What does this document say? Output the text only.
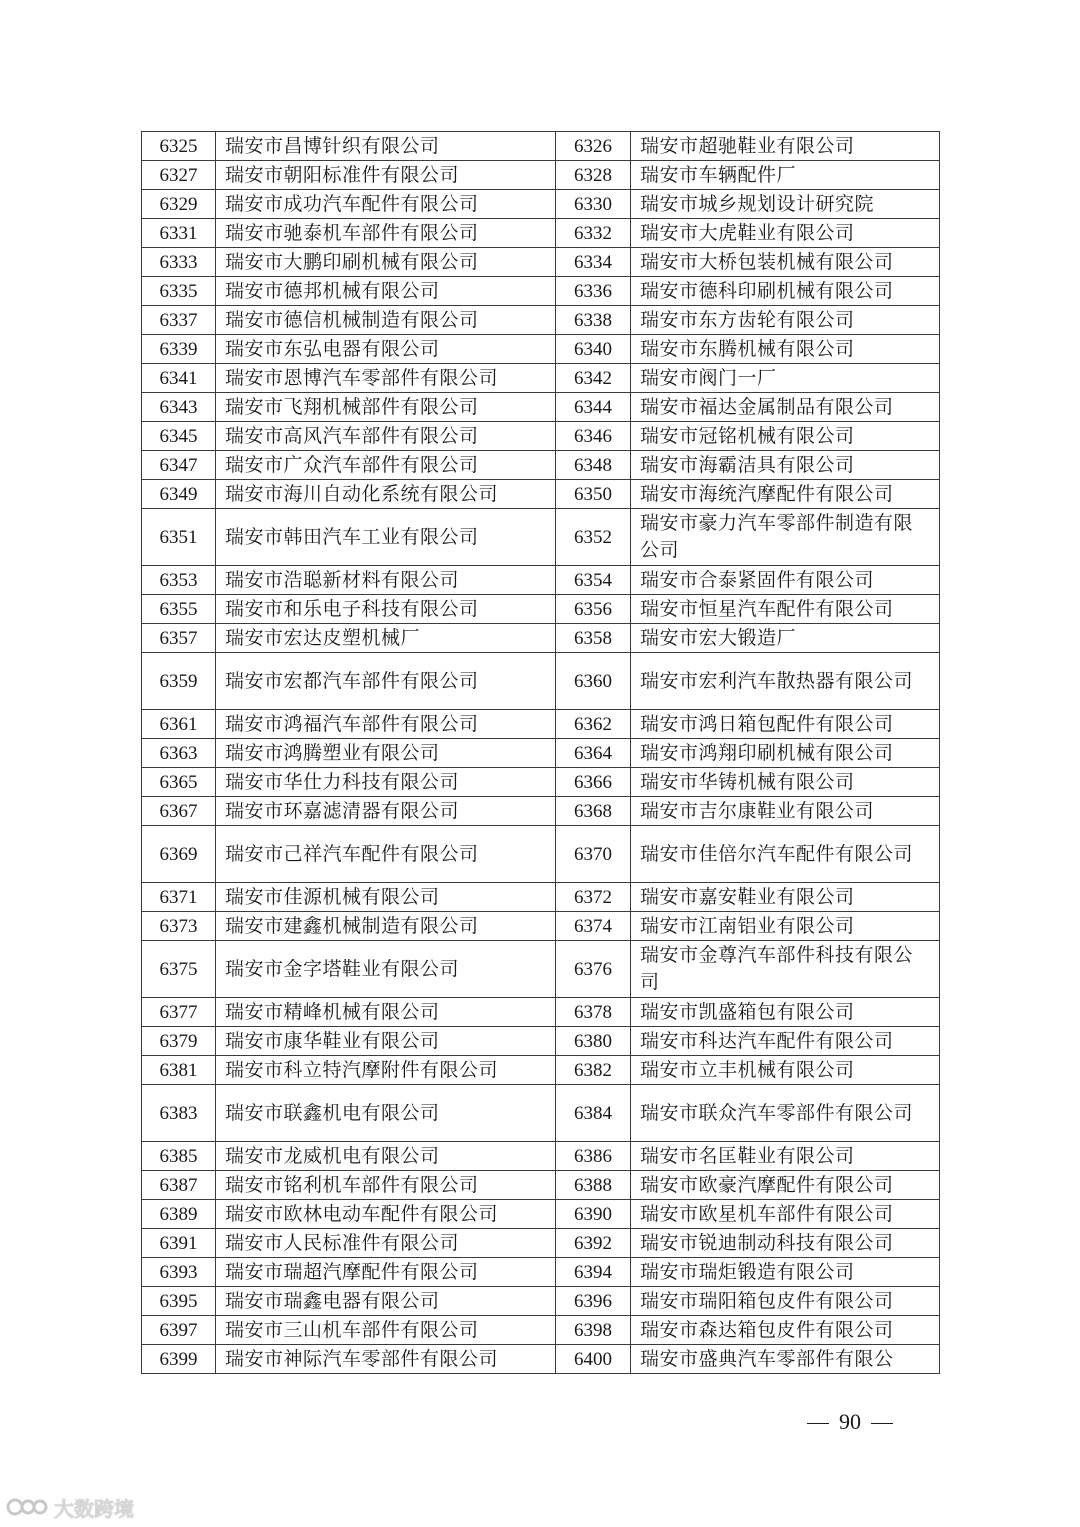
6325	瑞安市昌博针织有限公司	6326	瑞安市超驰鞋业有限公司
6327	瑞安市朝阳标准件有限公司	6328	瑞安市车辆配件厂
6329	瑞安市成功汽车配件有限公司	6330	瑞安市城乡规划设计研究院
6331	瑞安市驰泰机车部件有限公司	6332	瑞安市大虎鞋业有限公司
6333	瑞安市大鹏印刷机械有限公司	6334	瑞安市大桥包装机械有限公司
6335	瑞安市德邦机械有限公司	6336	瑞安市德科印刷机械有限公司
6337	瑞安市德信机械制造有限公司	6338	瑞安市东方齿轮有限公司
6339	瑞安市东弘电器有限公司	6340	瑞安市东腾机械有限公司
6341	瑞安市恩博汽车零部件有限公司	6342	瑞安市阀门一厂
6343	瑞安市飞翔机械部件有限公司	6344	瑞安市福达金属制品有限公司
6345	瑞安市高风汽车部件有限公司	6346	瑞安市冠铭机械有限公司
6347	瑞安市广众汽车部件有限公司	6348	瑞安市海霸洁具有限公司
6349	瑞安市海川自动化系统有限公司	6350	瑞安市海统汽摩配件有限公司
6351	瑞安市韩田汽车工业有限公司	6352	瑞安市豪力汽车零部件制造有限公司
6353	瑞安市浩聪新材料有限公司	6354	瑞安市合泰紧固件有限公司
6355	瑞安市和乐电子科技有限公司	6356	瑞安市恒星汽车配件有限公司
6357	瑞安市宏达皮塑机械厂	6358	瑞安市宏大锻造厂
6359	瑞安市宏都汽车部件有限公司	6360	瑞安市宏利汽车散热器有限公司
6361	瑞安市鸿福汽车部件有限公司	6362	瑞安市鸿日箱包配件有限公司
6363	瑞安市鸿腾塑业有限公司	6364	瑞安市鸿翔印刷机械有限公司
6365	瑞安市华仕力科技有限公司	6366	瑞安市华铸机械有限公司
6367	瑞安市环嘉滤清器有限公司	6368	瑞安市吉尔康鞋业有限公司
6369	瑞安市己祥汽车配件有限公司	6370	瑞安市佳倍尔汽车配件有限公司
6371	瑞安市佳源机械有限公司	6372	瑞安市嘉安鞋业有限公司
6373	瑞安市建鑫机械制造有限公司	6374	瑞安市江南铝业有限公司
6375	瑞安市金字塔鞋业有限公司	6376	瑞安市金尊汽车部件科技有限公司
6377	瑞安市精峰机械有限公司	6378	瑞安市凯盛箱包有限公司
6379	瑞安市康华鞋业有限公司	6380	瑞安市科达汽车配件有限公司
6381	瑞安市科立特汽摩附件有限公司	6382	瑞安市立丰机械有限公司
6383	瑞安市联鑫机电有限公司	6384	瑞安市联众汽车零部件有限公司
6385	瑞安市龙威机电有限公司	6386	瑞安市名匡鞋业有限公司
6387	瑞安市铭利机车部件有限公司	6388	瑞安市欧豪汽摩配件有限公司
6389	瑞安市欧林电动车配件有限公司	6390	瑞安市欧星机车部件有限公司
6391	瑞安市人民标准件有限公司	6392	瑞安市锐迪制动科技有限公司
6393	瑞安市瑞超汽摩配件有限公司	6394	瑞安市瑞炬锻造有限公司
6395	瑞安市瑞鑫电器有限公司	6396	瑞安市瑞阳箱包皮件有限公司
6397	瑞安市三山机车部件有限公司	6398	瑞安市森达箱包皮件有限公司
6399	瑞安市神际汽车零部件有限公司	6400	瑞安市盛典汽车零部件有限公
90
大数跨境
